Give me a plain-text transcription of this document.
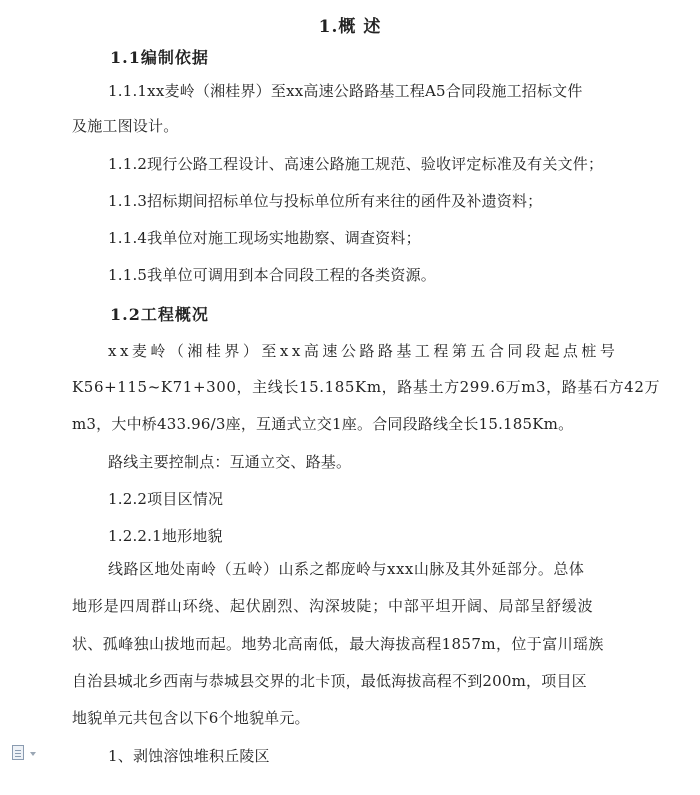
1.概 述
1.1编制依据
1.1.1xx麦岭（湘桂界）至xx高速公路路基工程A5合同段施工招标文件
及施工图设计。
1.1.2现行公路工程设计、高速公路施工规范、验收评定标准及有关文件；
1.1.3招标期间招标单位与投标单位所有来往的函件及补遗资料；
1.1.4我单位对施工现场实地勘察、调查资料；
1.1.5我单位可调用到本合同段工程的各类资源。
1.2工程概况
xx麦岭（湘桂界）至xx高速公路路基工程第五合同段起点桩号
K56+115~K71+300，主线长15.185Km，路基土方299.6万m3，路基石方42万
m3，大中桥433.96/3座，互通式立交1座。合同段路线全长15.185Km。
路线主要控制点：互通立交、路基。
1.2.2项目区情况
1.2.2.1地形地貌
线路区地处南岭（五岭）山系之都庞岭与xxx山脉及其外延部分。总体
地形是四周群山环绕、起伏剧烈、沟深坡陡；中部平坦开阔、局部呈舒缓波
状、孤峰独山拔地而起。地势北高南低，最大海拔高程1857m，位于富川瑶族
自治县城北乡西南与恭城县交界的北卡顶，最低海拔高程不到200m，项目区
地貌单元共包含以下6个地貌单元。
1、剥蚀溶蚀堆积丘陵区
